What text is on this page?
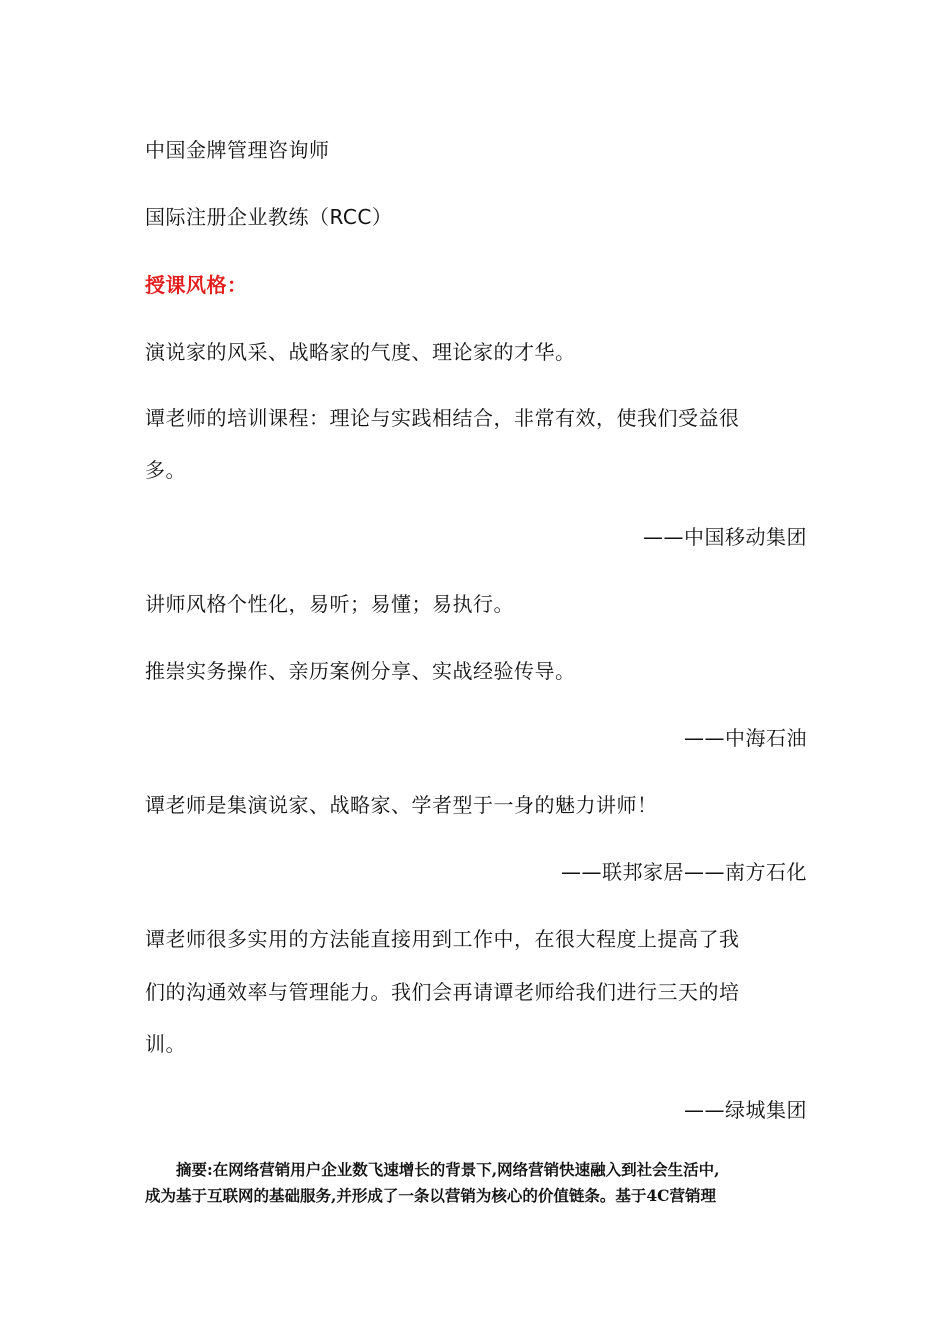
中国金牌管理咨询师
国际注册企业教练（RCC）
授课风格：
演说家的风采、战略家的气度、理论家的才华。
谭老师的培训课程：理论与实践相结合，非常有效，使我们受益很
多。
——中国移动集团
讲师风格个性化，易听；易懂；易执行。
推崇实务操作、亲历案例分享、实战经验传导。
——中海石油
谭老师是集演说家、战略家、学者型于一身的魅力讲师！
——联邦家居——南方石化
谭老师很多实用的方法能直接用到工作中，在很大程度上提高了我
们的沟通效率与管理能力。我们会再请谭老师给我们进行三天的培
训。
——绿城集团
　　摘要:在网络营销用户企业数飞速增长的背景下,网络营销快速融入到社会生活中,
成为基于互联网的基础服务,并形成了一条以营销为核心的价值链条。基于4C营销理
